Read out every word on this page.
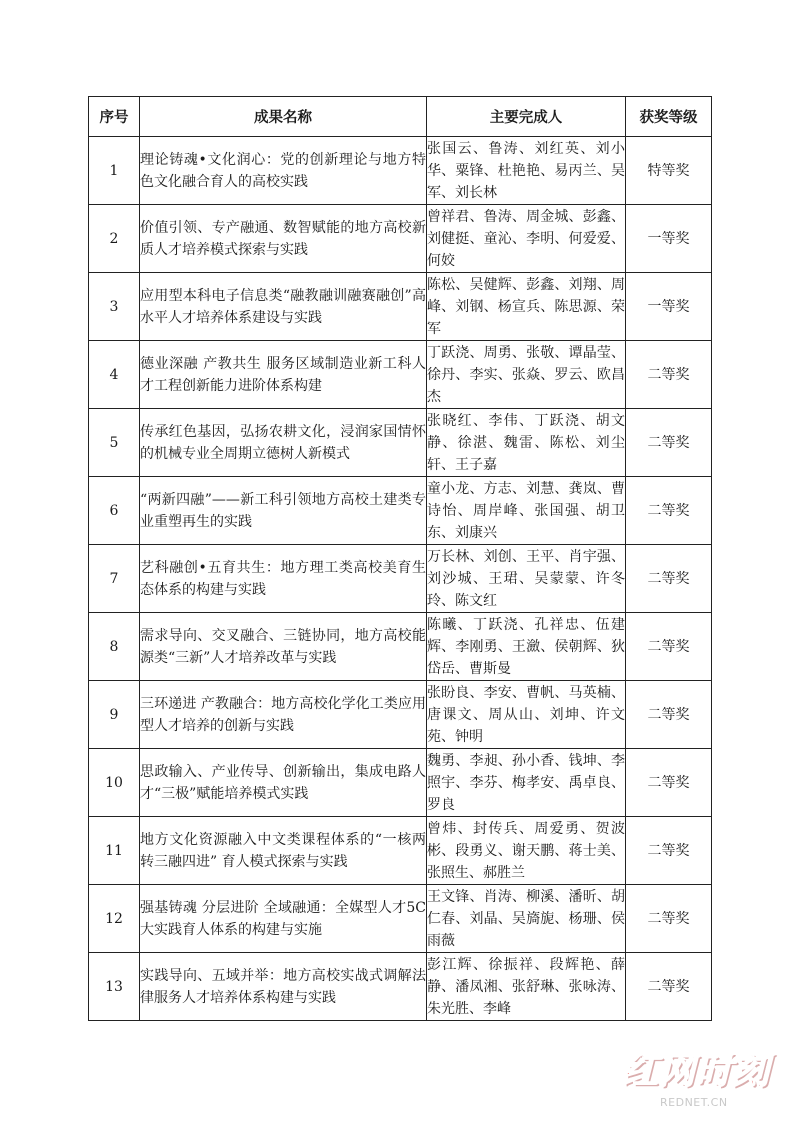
序号	成果名称	主要完成人	获奖等级
1	理论铸魂•文化润心：党的创新理论与地方特色文化融合育人的高校实践	张国云、鲁涛、刘红英、刘小华、粟锋、杜艳艳、易丙兰、吴军、刘长林	特等奖
2	价值引领、专产融通、数智赋能的地方高校新质人才培养模式探索与实践	曾祥君、鲁涛、周金城、彭鑫、刘健挺、童沁、李明、何爱爱、何姣	一等奖
3	应用型本科电子信息类“融教融训融赛融创”高水平人才培养体系建设与实践	陈松、吴健辉、彭鑫、刘翔、周峰、刘钢、杨宣兵、陈思源、荣军	一等奖
4	德业深融 产教共生 服务区域制造业新工科人才工程创新能力进阶体系构建	丁跃浇、周勇、张敬、谭晶莹、徐丹、李实、张焱、罗云、欧昌杰	二等奖
5	传承红色基因，弘扬农耕文化，浸润家国情怀的机械专业全周期立德树人新模式	张晓红、李伟、丁跃浇、胡文静、徐湛、魏雷、陈松、刘尘轩、王子嘉	二等奖
6	“两新四融”——新工科引领地方高校土建类专业重塑再生的实践	童小龙、方志、刘慧、龚岚、曹诗怡、周岸峰、张国强、胡卫东、刘康兴	二等奖
7	艺科融创•五育共生：地方理工类高校美育生态体系的构建与实践	万长林、刘创、王平、肖宇强、刘沙城、王珺、吴蒙蒙、许冬玲、陈文红	二等奖
8	需求导向、交叉融合、三链协同，地方高校能源类“三新”人才培养改革与实践	陈曦、丁跃浇、孔祥忠、伍建辉、李刚勇、王瀲、侯朝辉、狄岱岳、曹斯曼	二等奖
9	三环递进 产教融合：地方高校化学化工类应用型人才培养的创新与实践	张盼良、李安、曹帆、马英楠、唐课文、周从山、刘坤、许文苑、钟明	二等奖
10	思政输入、产业传导、创新输出，集成电路人才“三极”赋能培养模式实践	魏勇、李昶、孙小香、钱坤、李照宇、李芬、梅孝安、禹卓良、罗良	二等奖
11	地方文化资源融入中文类课程体系的“一核两转三融四进” 育人模式探索与实践	曾炜、封传兵、周爱勇、贺波彬、段勇义、谢天鹏、蒋士美、张照生、郝胜兰	二等奖
12	强基铸魂 分层进阶 全域融通：全媒型人才5C大实践育人体系的构建与实施	王文锋、肖涛、柳溪、潘昕、胡仁春、刘晶、吴旖旎、杨珊、侯雨薇	二等奖
13	实践导向、五域并举：地方高校实战式调解法律服务人才培养体系构建与实践	彭江辉、徐振祥、段辉艳、薛静、潘凤湘、张舒琳、张咏涛、朱光胜、李峰	二等奖
红网时刻
REDNET.CN
